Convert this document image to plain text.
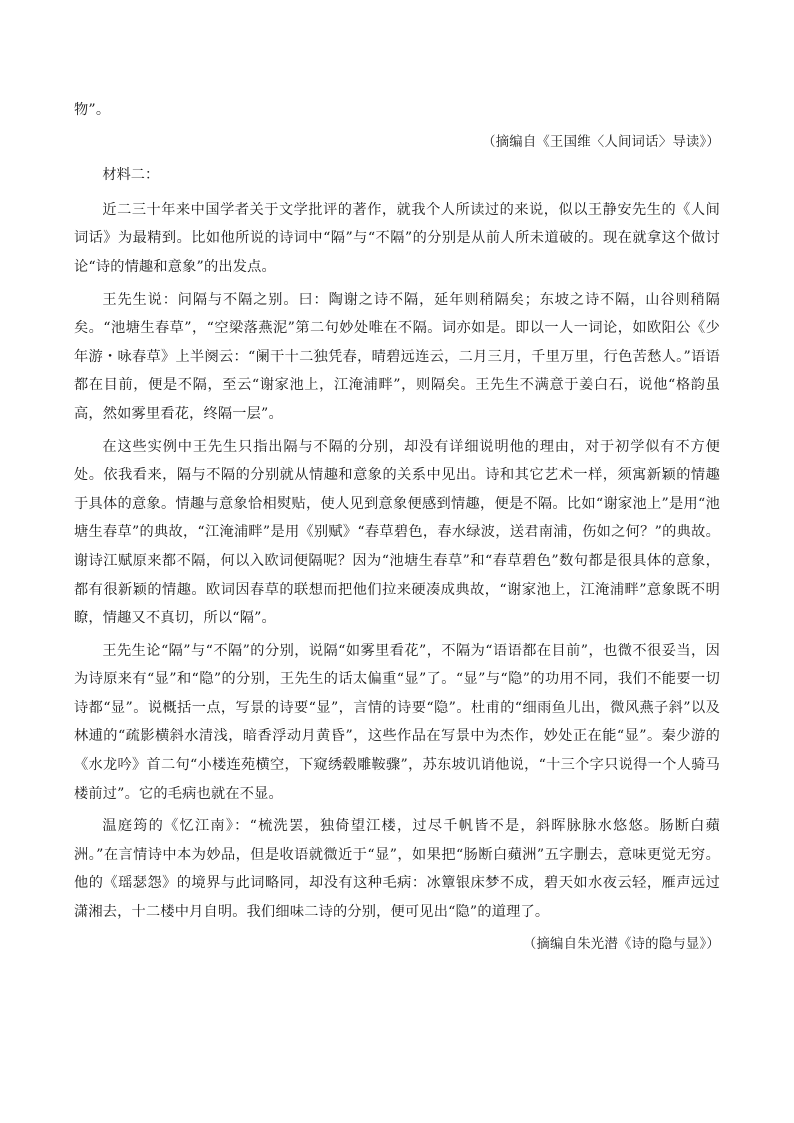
物”。

（摘编自《王国维〈人间词话〉导读》）

材料二：

近二三十年来中国学者关于文学批评的著作，就我个人所读过的来说，似以王静安先生的《人间词话》为最精到。比如他所说的诗词中“隔”与“不隔”的分别是从前人所未道破的。现在就拿这个做讨论“诗的情趣和意象”的出发点。

王先生说：问隔与不隔之别。曰：陶谢之诗不隔，延年则稍隔矣；东坡之诗不隔，山谷则稍隔矣。“池塘生春草”，“空梁落燕泥”第二句妙处唯在不隔。词亦如是。即以一人一词论，如欧阳公《少年游・咏春草》上半阕云：“阑干十二独凭春，晴碧远连云，二月三月，千里万里，行色苦愁人。”语语都在目前，便是不隔，至云“谢家池上，江淹浦畔”，则隔矣。王先生不满意于姜白石，说他“格韵虽高，然如雾里看花，终隔一层”。

在这些实例中王先生只指出隔与不隔的分别，却没有详细说明他的理由，对于初学似有不方便处。依我看来，隔与不隔的分别就从情趣和意象的关系中见出。诗和其它艺术一样，须寓新颖的情趣于具体的意象。情趣与意象恰相熨贴，使人见到意象便感到情趣，便是不隔。比如“谢家池上”是用“池塘生春草”的典故，“江淹浦畔”是用《别赋》“春草碧色，春水绿波，送君南浦，伤如之何？”的典故。谢诗江赋原来都不隔，何以入欧词便隔呢？因为“池塘生春草”和“春草碧色”数句都是很具体的意象，都有很新颖的情趣。欧词因春草的联想而把他们拉来硬凑成典故，“谢家池上，江淹浦畔”意象既不明瞭，情趣又不真切，所以“隔”。

王先生论“隔”与“不隔”的分别，说隔“如雾里看花”，不隔为“语语都在目前”，也微不很妥当，因为诗原来有“显”和“隐”的分别，王先生的话太偏重“显”了。“显”与“隐”的功用不同，我们不能要一切诗都“显”。说概括一点，写景的诗要“显”，言情的诗要“隐”。杜甫的“细雨鱼儿出，微风燕子斜”以及林逋的“疏影横斜水清浅，暗香浮动月黄昏”，这些作品在写景中为杰作，妙处正在能“显”。秦少游的《水龙吟》首二句“小楼连苑横空，下窥绣毂雕鞍骤”，苏东坡讥诮他说，“十三个字只说得一个人骑马楼前过”。它的毛病也就在不显。

温庭筠的《忆江南》：“梳洗罢，独倚望江楼，过尽千帆皆不是，斜晖脉脉水悠悠。肠断白蘋洲。”在言情诗中本为妙品，但是收语就微近于“显”，如果把“肠断白蘋洲”五字删去，意味更觉无穷。他的《瑶瑟怨》的境界与此词略同，却没有这种毛病：冰簟银床梦不成，碧天如水夜云轻，雁声远过潇湘去，十二楼中月自明。我们细味二诗的分别，便可见出“隐”的道理了。

（摘编自朱光潜《诗的隐与显》）
